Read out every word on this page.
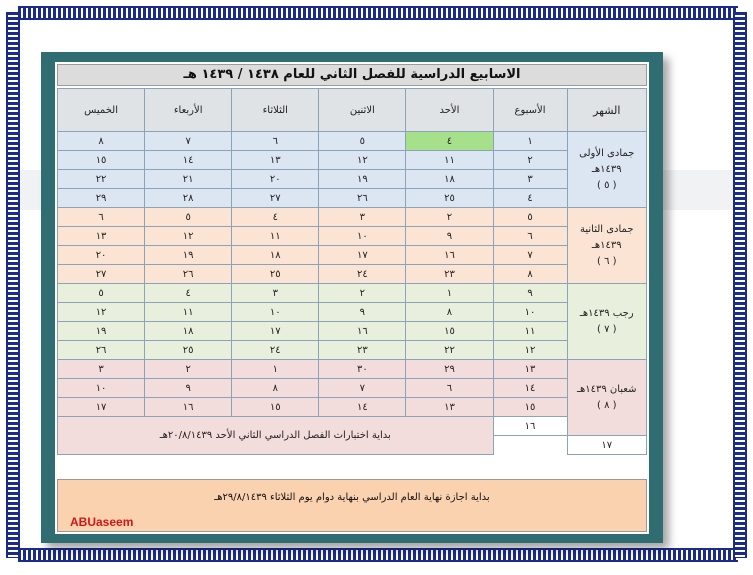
الاسابيع الدراسية للفصل الثاني للعام ١٤٣٨ / ١٤٣٩ هـ
الشهر	الأسبوع	الأحد	الاثنين	الثلاثاء	الأربعاء	الخميس

جمادى الأولى ١٤٣٩هـ
( ٥ )	١	٤	٥	٦	٧	٨
	٢	١١	١٢	١٣	١٤	١٥
	٣	١٨	١٩	٢٠	٢١	٢٢
	٤	٢٥	٢٦	٢٧	٢٨	٢٩

جمادى الثانية ١٤٣٩هـ
( ٦ )	٥	٢	٣	٤	٥	٦
	٦	٩	١٠	١١	١٢	١٣
	٧	١٦	١٧	١٨	١٩	٢٠
	٨	٢٣	٢٤	٢٥	٢٦	٢٧

رجب ١٤٣٩هـ
( ٧ )	٩	١	٢	٣	٤	٥
	١٠	٨	٩	١٠	١١	١٢
	١١	١٥	١٦	١٧	١٨	١٩
	١٢	٢٢	٢٣	٢٤	٢٥	٢٦

شعبان ١٤٣٩هـ
( ٨ )	١٣	٢٩	٣٠	١	٢	٣
	١٤	٦	٧	٨	٩	١٠
	١٥	١٣	١٤	١٥	١٦	١٧
	١٦	بداية اختبارات الفصل الدراسي الثاني الأحد ٢٠/٨/١٤٣٩هـ				
١٧						
بداية اجازة نهاية العام الدراسي بنهاية دوام يوم الثلاثاء ٢٩/٨/١٤٣٩هـ
ABUaseem
